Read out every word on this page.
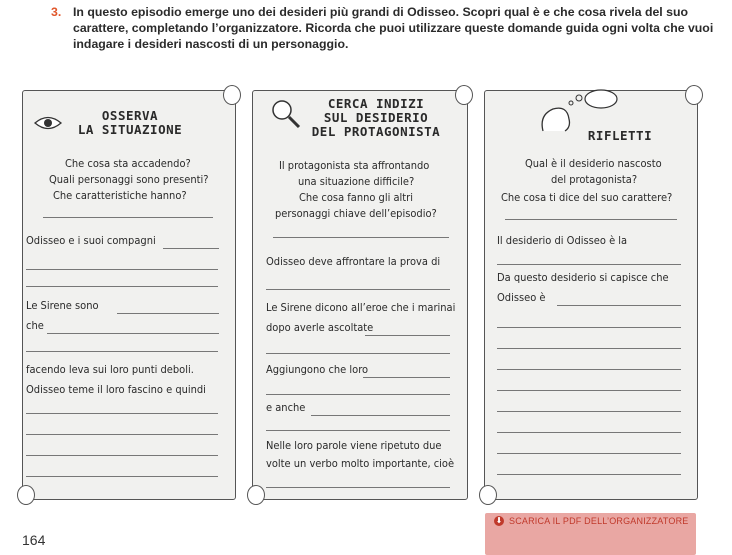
3. In questo episodio emerge uno dei desideri più grandi di Odisseo. Scopri qual è e che cosa rivela del suo carattere, completando l’organizzatore. Ricorda che puoi utilizzare queste domande guida ogni volta che vuoi indagare i desideri nascosti di un personaggio.
OSSERVA
LA SITUAZIONE
Che cosa sta accadendo?
Quali personaggi sono presenti?
Che caratteristiche hanno?
Odisseo e i suoi compagni
Le Sirene sono
che
facendo leva sui loro punti deboli.
Odisseo teme il loro fascino e quindi
CERCA INDIZI
SUL DESIDERIO
DEL PROTAGONISTA
Il protagonista sta affrontando
una situazione difficile?
Che cosa fanno gli altri
personaggi chiave dell’episodio?
Odisseo deve affrontare la prova di
Le Sirene dicono all’eroe che i marinai
dopo averle ascoltate
Aggiungono che loro
e anche
Nelle loro parole viene ripetuto due
volte un verbo molto importante, cioè
RIFLETTI
Qual è il desiderio nascosto
del protagonista?
Che cosa ti dice del suo carattere?
Il desiderio di Odisseo è la
Da questo desiderio si capisce che
Odisseo è
164
⬇ SCARICA IL PDF DELL’ORGANIZZATORE
